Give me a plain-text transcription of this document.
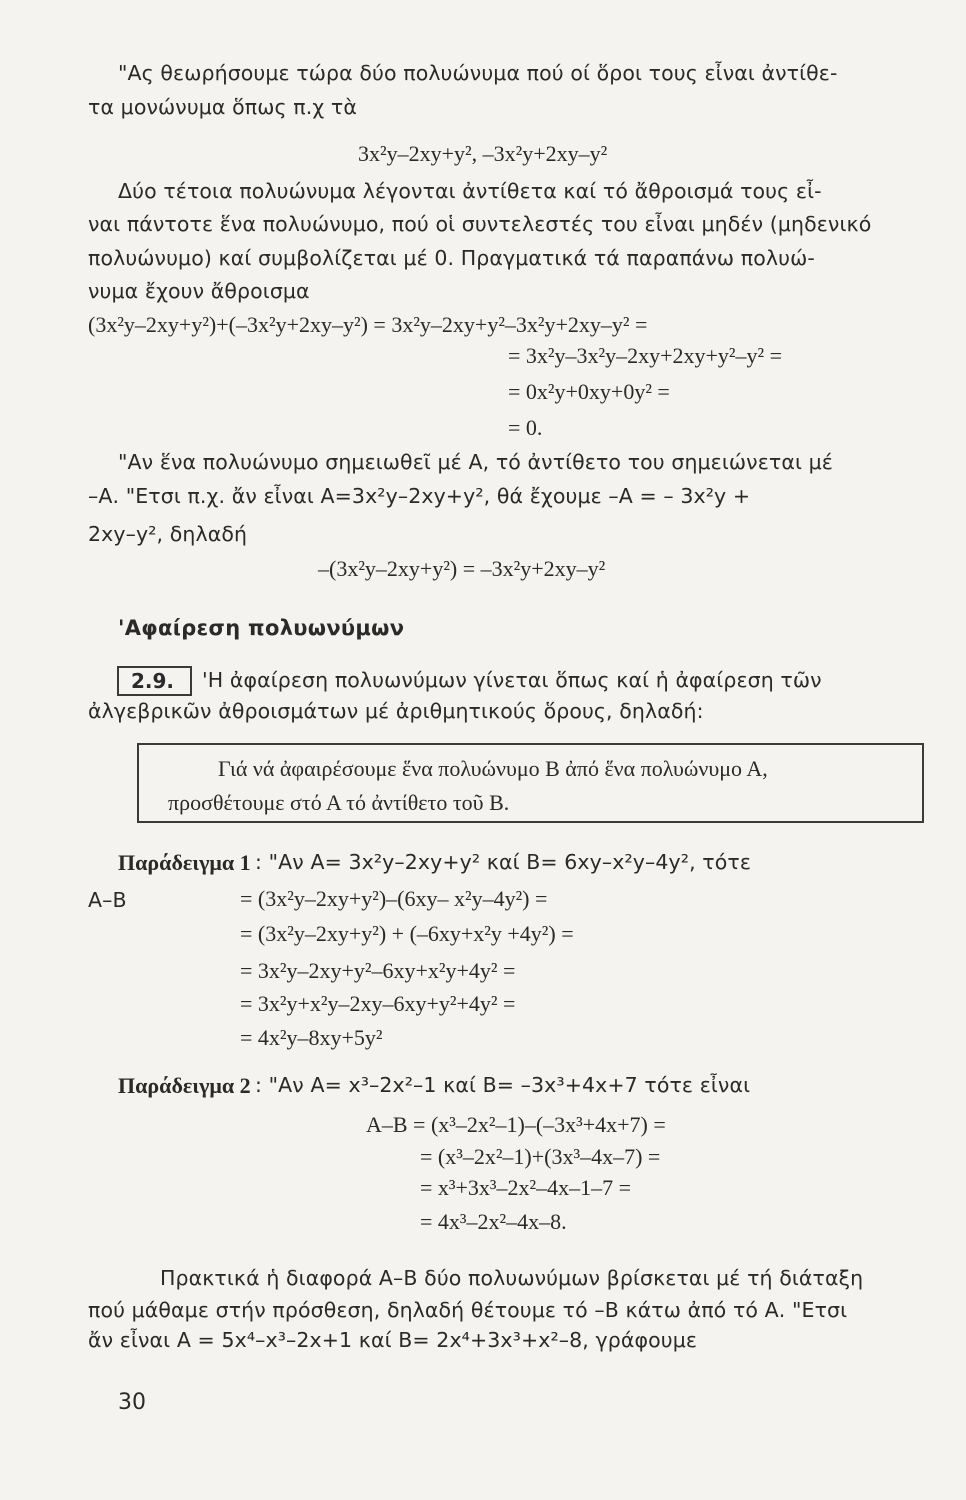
"Ας θεωρήσουμε τώρα δύο πολυώνυμα πού οί ὅροι τους εἶναι ἀντίθε-
τα μονώνυμα ὅπως π.χ τὰ
3x²y–2xy+y², –3x²y+2xy–y²
Δύο τέτοια πολυώνυμα λέγονται ἀντίθετα καί τό ἄθροισμά τους εἶ-
ναι πάντοτε ἕνα πολυώνυμο, πού οἱ συντελεστές του εἶναι μηδέν (μηδενικό
πολυώνυμο) καί συμβολίζεται μέ 0. Πραγματικά τά παραπάνω πολυώ-
νυμα ἔχουν ἄθροισμα
(3x²y–2xy+y²)+(–3x²y+2xy–y²) = 3x²y–2xy+y²–3x²y+2xy–y² =
= 3x²y–3x²y–2xy+2xy+y²–y² =
= 0x²y+0xy+0y² =
= 0.
"Αν ἕνα πολυώνυμο σημειωθεῖ μέ Α, τό ἀντίθετο του σημειώνεται μέ
–Α. "Ετσι π.χ. ἄν εἶναι Α=3x²y–2xy+y², θά ἔχουμε –Α = – 3x²y +
2xy–y², δηλαδή
–(3x²y–2xy+y²) = –3x²y+2xy–y²
'Αφαίρεση πολυωνύμων
2.9.	'Η ἀφαίρεση πολυωνύμων γίνεται ὅπως καί ἡ ἀφαίρεση τῶν
ἀλγεβρικῶν ἀθροισμάτων μέ ἀριθμητικούς ὅρους, δηλαδή:
Γιά νά ἀφαιρέσουμε ἕνα πολυώνυμο Β ἀπό ἕνα πολυώνυμο Α,
προσθέτουμε στό Α τό ἀντίθετο τοῦ Β.
Παράδειγμα 1 : "Αν Α= 3x²y–2xy+y² καί Β= 6xy–x²y–4y², τότε
Α–Β	= (3x²y–2xy+y²)–(6xy– x²y–4y²) =
= (3x²y–2xy+y²) + (–6xy+x²y +4y²) =
= 3x²y–2xy+y²–6xy+x²y+4y² =
= 3x²y+x²y–2xy–6xy+y²+4y² =
= 4x²y–8xy+5y²
Παράδειγμα 2 : "Αν Α= x³–2x²–1 καί Β= –3x³+4x+7 τότε εἶναι
Α–Β = (x³–2x²–1)–(–3x³+4x+7) =
= (x³–2x²–1)+(3x³–4x–7) =
= x³+3x³–2x²–4x–1–7 =
= 4x³–2x²–4x–8.
Πρακτικά ἡ διαφορά Α–Β δύο πολυωνύμων βρίσκεται μέ τή διάταξη
πού μάθαμε στήν πρόσθεση, δηλαδή θέτουμε τό –Β κάτω ἀπό τό Α. "Ετσι
ἄν εἶναι Α = 5x⁴–x³–2x+1 καί Β= 2x⁴+3x³+x²–8, γράφουμε
30
